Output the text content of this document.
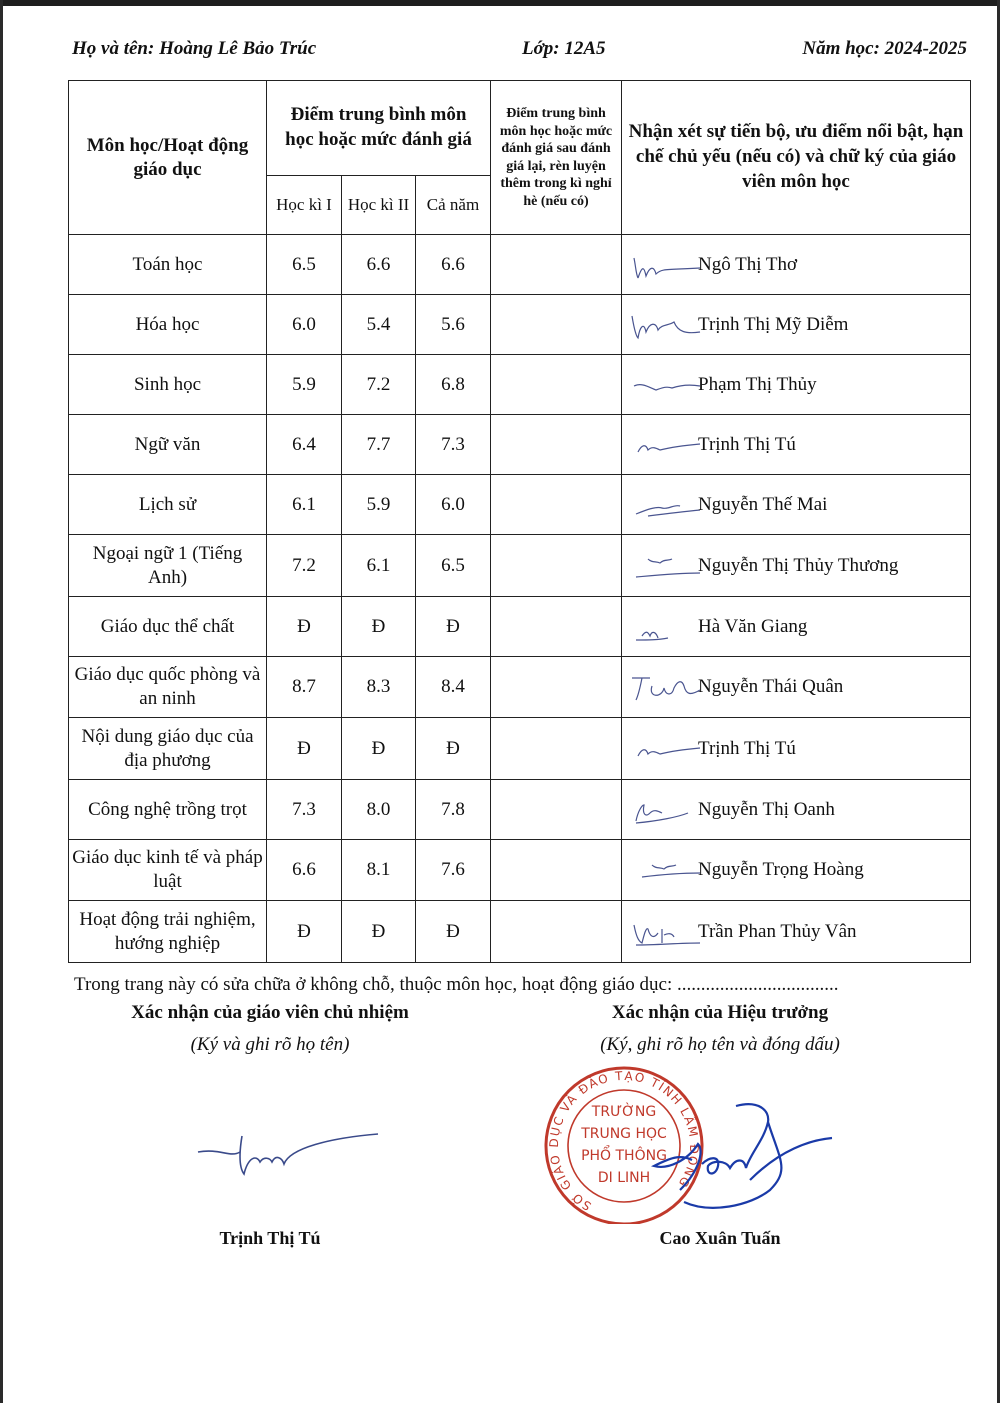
Họ và tên: Hoàng Lê Bảo Trúc	Lớp: 12A5	Năm học: 2024-2025
Môn học/Hoạt động giáo dục	Điểm trung bình môn học hoặc mức đánh giá			Điểm trung bình môn học hoặc mức đánh giá sau đánh giá lại, rèn luyện thêm trong kì nghỉ hè (nếu có)	Nhận xét sự tiến bộ, ưu điểm nổi bật, hạn chế chủ yếu (nếu có) và chữ ký của giáo viên môn học
	Học kì I	Học kì II	Cả năm		
Toán học	6.5	6.6	6.6		Ngô Thị Thơ

Hóa học	6.0	5.4	5.6		Trịnh Thị Mỹ Diễm

Sinh học	5.9	7.2	6.8		Phạm Thị Thủy

Ngữ văn	6.4	7.7	7.3		Trịnh Thị Tú

Lịch sử	6.1	5.9	6.0		Nguyễn Thế Mai

Ngoại ngữ 1 (Tiếng Anh)	7.2	6.1	6.5		Nguyễn Thị Thủy Thương

Giáo dục thể chất	Đ	Đ	Đ		Hà Văn Giang

Giáo dục quốc phòng và an ninh	8.7	8.3	8.4		Nguyễn Thái Quân

Nội dung giáo dục của địa phương	Đ	Đ	Đ		Trịnh Thị Tú

Công nghệ trồng trọt	7.3	8.0	7.8		Nguyễn Thị Oanh

Giáo dục kinh tế và pháp luật	6.6	8.1	7.6		Nguyễn Trọng Hoàng

Hoạt động trải nghiệm, hướng nghiệp	Đ	Đ	Đ		Trần Phan Thủy Vân
Trong trang này có sửa chữa ở không chỗ, thuộc môn học, hoạt động giáo dục: ..................................
Xác nhận của giáo viên chủ nhiệm
(Ký và ghi rõ họ tên)
Trịnh Thị Tú
Xác nhận của Hiệu trưởng
(Ký, ghi rõ họ tên và đóng dấu)
SỞ GIÁO DỤC VÀ ĐÀO TẠO TỈNH LÂM ĐỒNG
TRƯỜNG
TRUNG HỌC
PHỔ THÔNG
DI LINH
Cao Xuân Tuấn
